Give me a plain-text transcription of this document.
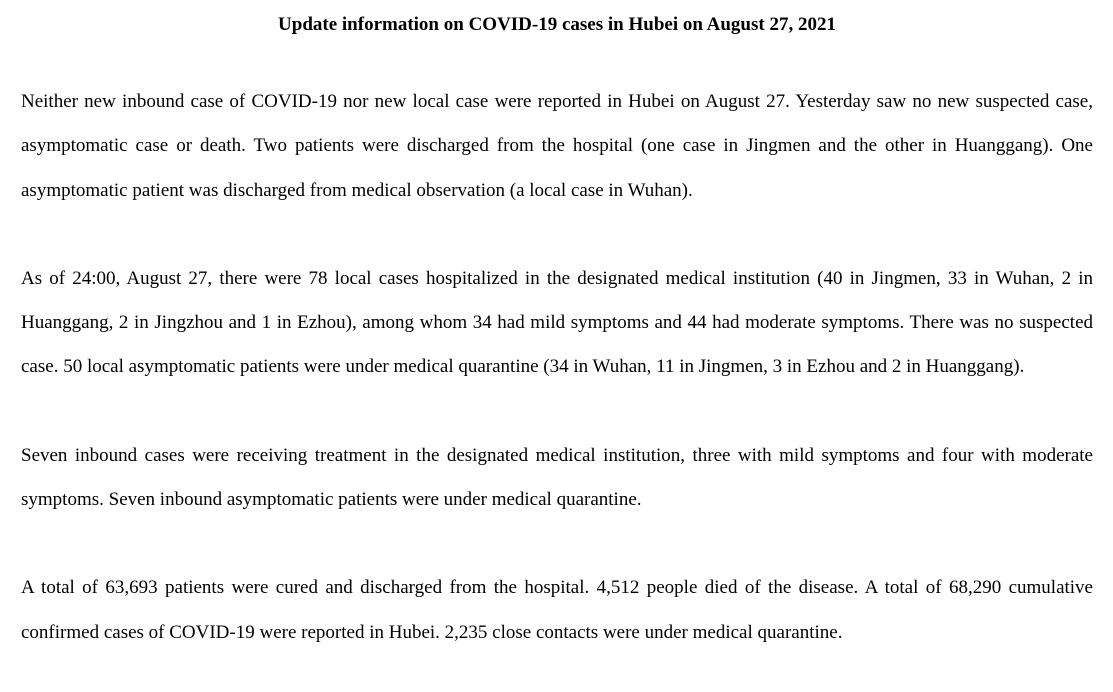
Update information on COVID-19 cases in Hubei on August 27, 2021

Neither new inbound case of COVID-19 nor new local case were reported in Hubei on August 27. Yesterday saw no new suspected case, asymptomatic case or death. Two patients were discharged from the hospital (one case in Jingmen and the other in Huanggang). One asymptomatic patient was discharged from medical observation (a local case in Wuhan).

As of 24:00, August 27, there were 78 local cases hospitalized in the designated medical institution (40 in Jingmen, 33 in Wuhan, 2 in Huanggang, 2 in Jingzhou and 1 in Ezhou), among whom 34 had mild symptoms and 44 had moderate symptoms. There was no suspected case. 50 local asymptomatic patients were under medical quarantine (34 in Wuhan, 11 in Jingmen, 3 in Ezhou and 2 in Huanggang).

Seven inbound cases were receiving treatment in the designated medical institution, three with mild symptoms and four with moderate symptoms. Seven inbound asymptomatic patients were under medical quarantine.

A total of 63,693 patients were cured and discharged from the hospital. 4,512 people died of the disease. A total of 68,290 cumulative confirmed cases of COVID-19 were reported in Hubei. 2,235 close contacts were under medical quarantine.
